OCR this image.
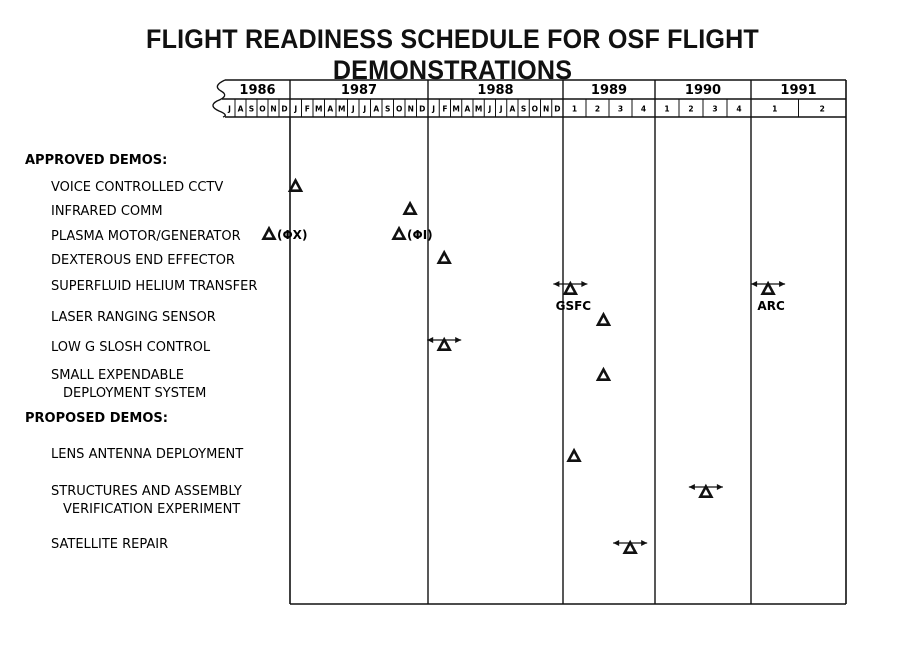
FLIGHT READINESS SCHEDULE FOR OSF FLIGHT DEMONSTRATIONS
1986	1987	1988	1989	1990	1991
J A S O N D J F M A M J J A S O N D J F M A M J J A S O N D 1 2 3 4 1	2	3	4	1	2
APPROVED DEMOS:
PROPOSED DEMOS:
VOICE CONTROLLED CCTV
INFRARED COMM
PLASMA MOTOR/GENERATOR	(ΦX)	(ΦI)
DEXTEROUS END EFFECTOR
SUPERFLUID HELIUM TRANSFER
GSFC	ARC
LASER RANGING SENSOR
LOW G SLOSH CONTROL
SMALL EXPENDABLE
DEPLOYMENT SYSTEM
LENS ANTENNA DEPLOYMENT
STRUCTURES AND ASSEMBLY
VERIFICATION EXPERIMENT
SATELLITE REPAIR
